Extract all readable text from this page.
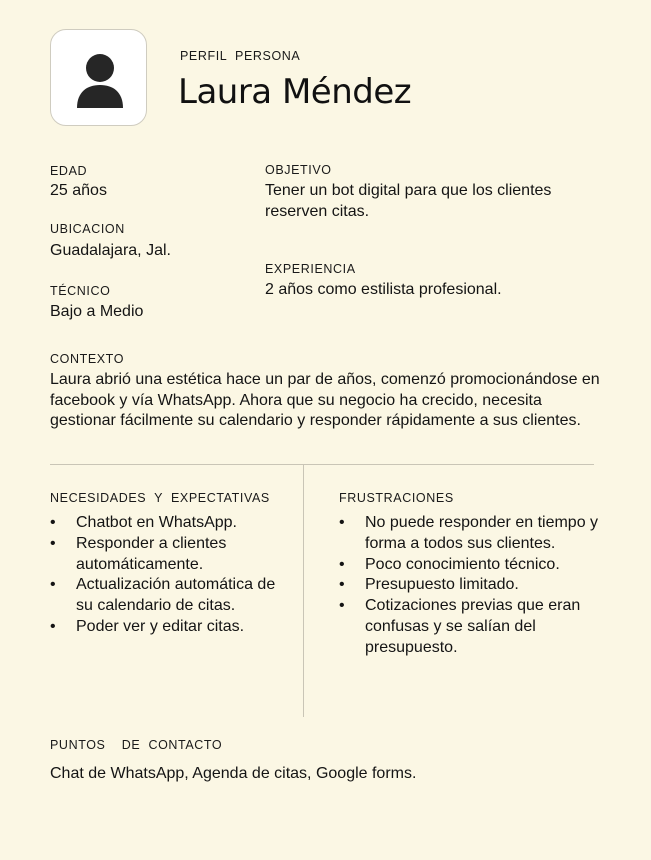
PERFIL  PERSONA
Laura Méndez
EDAD
25 años
UBICACION
Guadalajara, Jal.
TÉCNICO
Bajo a Medio
OBJETIVO
Tener un bot digital para que los clientes reserven citas.
EXPERIENCIA
2 años como estilista profesional.
CONTEXTO
Laura abrió una estética hace un par de años, comenzó promocionándose en facebook y vía WhatsApp. Ahora que su negocio ha crecido, necesita gestionar fácilmente su calendario y responder rápidamente a sus clientes.
NECESIDADES  Y  EXPECTATIVAS
• Chatbot en WhatsApp.
• Responder a clientes automáticamente.
• Actualización automática de su calendario de citas.
• Poder ver y editar citas.
FRUSTRACIONES
• No puede responder en tiempo y forma a todos sus clientes.
• Poco conocimiento técnico.
• Presupuesto limitado.
• Cotizaciones previas que eran confusas y se salían del presupuesto.
PUNTOS    DE  CONTACTO
Chat de WhatsApp, Agenda de citas, Google forms.
